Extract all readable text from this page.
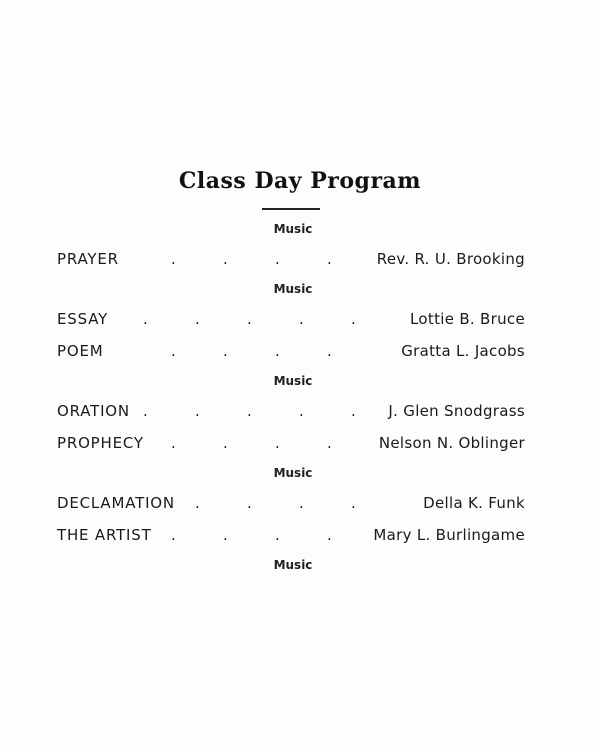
Class Day Program
Music
PRAYER	.	.	.	.	Rev. R. U. Brooking
Music
ESSAY .	.	.	.	.	Lottie B. Bruce
POEM	.	.	.	.	Gratta L. Jacobs
Music
ORATION .	.	.	.	. J. Glen Snodgrass
PROPHECY .	.	.	.	Nelson N. Oblinger
Music
DECLAMATION .	.	.	.	Della K. Funk
THE ARTIST .	.	.	.	Mary L. Burlingame
Music
